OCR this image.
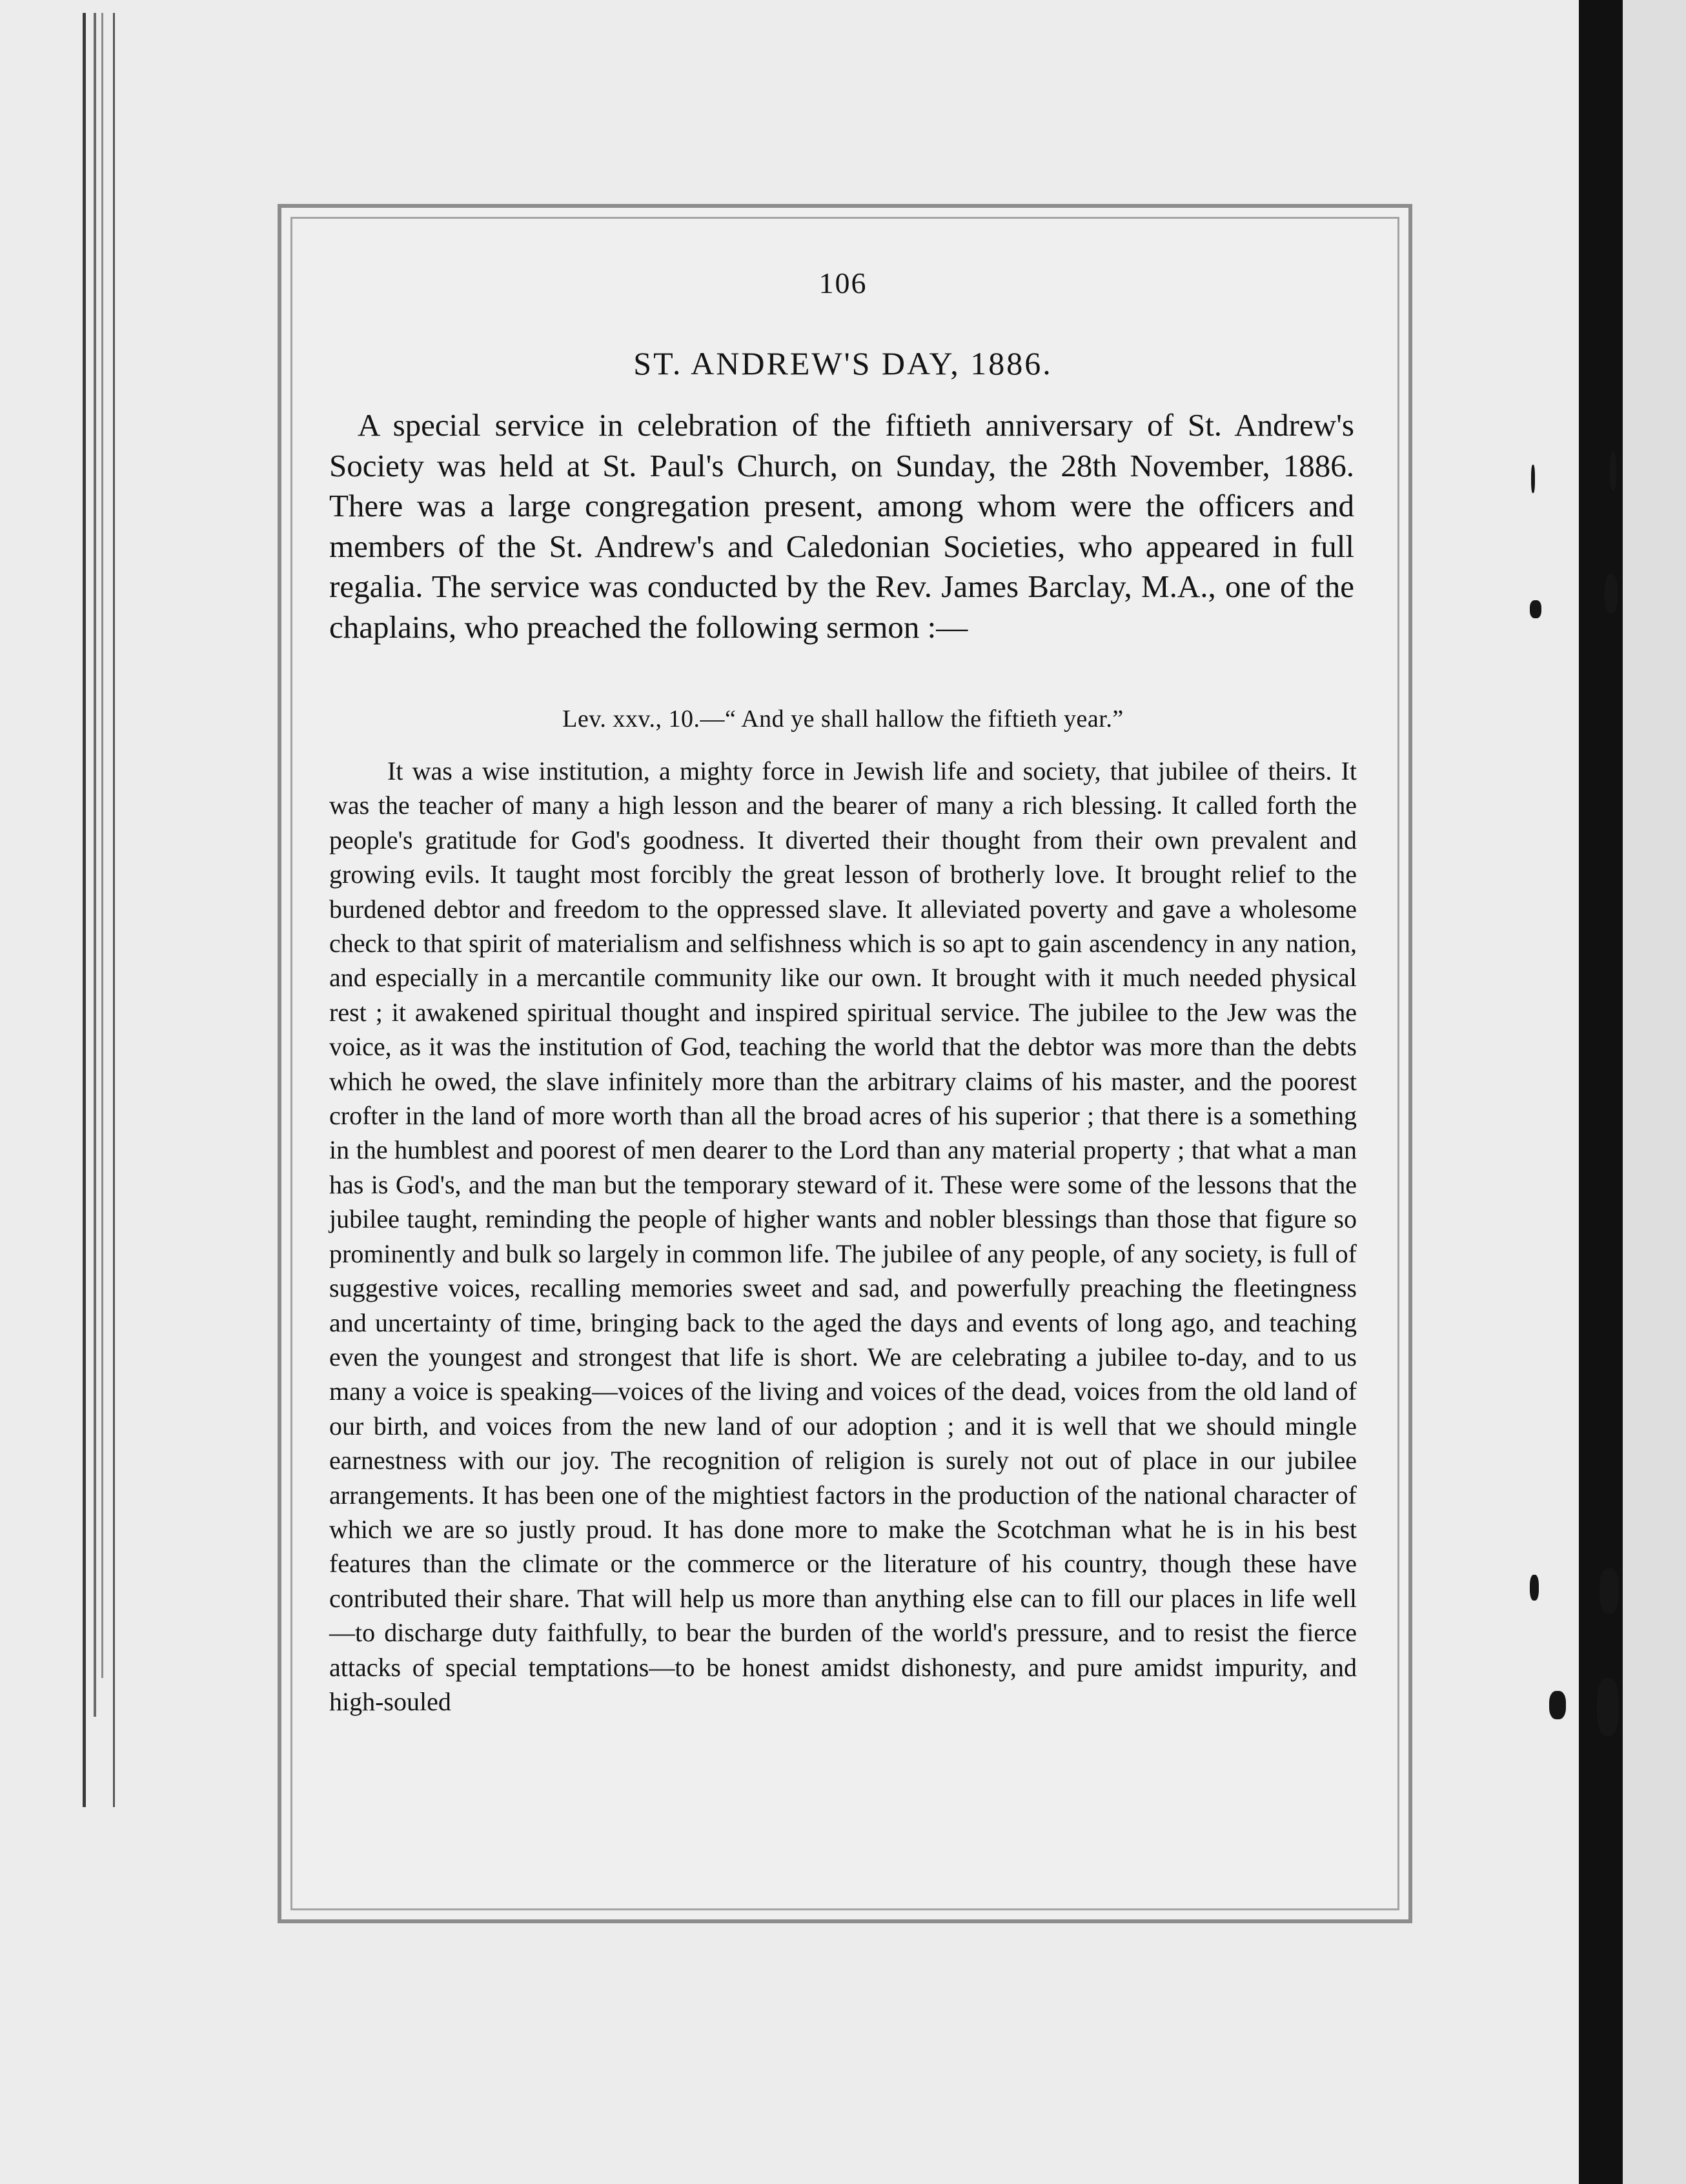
106
ST. ANDREW'S DAY, 1886.

A special service in celebration of the fiftieth anniversary of St. Andrew's Society was held at St. Paul's Church, on Sunday, the 28th November, 1886. There was a large congregation present, among whom were the officers and members of the St. Andrew's and Caledonian Societies, who appeared in full regalia. The service was conducted by the Rev. James Barclay, M.A., one of the chaplains, who preached the following sermon :—

Lev. xxv., 10.—“ And ye shall hallow the fiftieth year.”

It was a wise institution, a mighty force in Jewish life and society, that jubilee of theirs. It was the teacher of many a high lesson and the bearer of many a rich blessing. It called forth the people's gratitude for God's goodness. It diverted their thought from their own prevalent and growing evils. It taught most forcibly the great lesson of brotherly love. It brought relief to the burdened debtor and freedom to the oppressed slave. It alleviated poverty and gave a wholesome check to that spirit of materialism and selfishness which is so apt to gain ascendency in any nation, and especially in a mercantile community like our own. It brought with it much needed physical rest ; it awakened spiritual thought and inspired spiritual service. The jubilee to the Jew was the voice, as it was the institution of God, teaching the world that the debtor was more than the debts which he owed, the slave infinitely more than the arbitrary claims of his master, and the poorest crofter in the land of more worth than all the broad acres of his superior ; that there is a something in the humblest and poorest of men dearer to the Lord than any material property ; that what a man has is God's, and the man but the temporary steward of it. These were some of the lessons that the jubilee taught, reminding the people of higher wants and nobler blessings than those that figure so prominently and bulk so largely in common life. The jubilee of any people, of any society, is full of suggestive voices, recalling memories sweet and sad, and powerfully preaching the fleetingness and uncertainty of time, bringing back to the aged the days and events of long ago, and teaching even the youngest and strongest that life is short. We are celebrating a jubilee to-day, and to us many a voice is speaking—voices of the living and voices of the dead, voices from the old land of our birth, and voices from the new land of our adoption ; and it is well that we should mingle earnestness with our joy. The recognition of religion is surely not out of place in our jubilee arrangements. It has been one of the mightiest factors in the production of the national character of which we are so justly proud. It has done more to make the Scotchman what he is in his best features than the climate or the commerce or the literature of his country, though these have contributed their share. That will help us more than anything else can to fill our places in life well—to discharge duty faithfully, to bear the burden of the world's pressure, and to resist the fierce attacks of special temptations—to be honest amidst dishonesty, and pure amidst impurity, and high-souled
